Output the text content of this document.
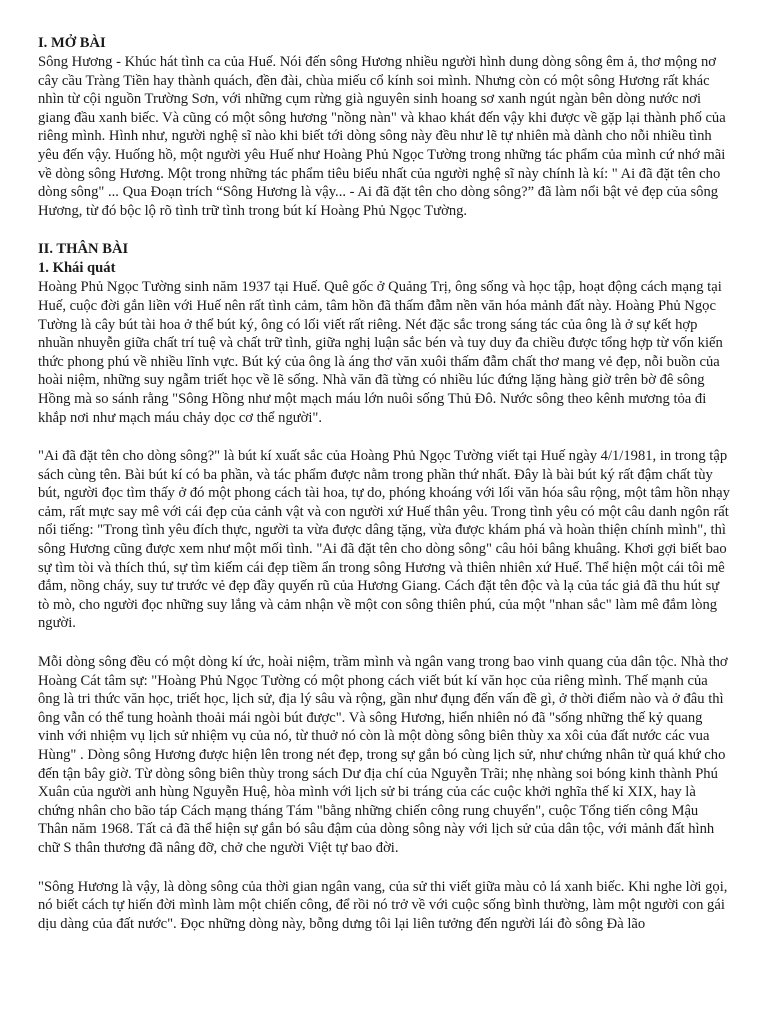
I. MỞ BÀI

Sông Hương - Khúc hát tình ca của Huế. Nói đến sông Hương nhiều người hình dung dòng sông êm ả, thơ mộng nơ cây cầu Tràng Tiền hay thành quách, đền đài, chùa miếu cổ kính soi mình. Nhưng còn có một sông Hương rất khác nhìn từ cội nguồn Trường Sơn, với những cụm rừng già nguyên sinh hoang sơ xanh ngút ngàn bên dòng nước nơi giang đầu xanh biếc. Và cũng có một sông hương "nồng nàn" và khao khát đến vậy khi được về gặp lại thành phố của riêng mình. Hình như, người nghệ sĩ nào khi biết tới dòng sông này đều như lẽ tự nhiên mà dành cho nỗi nhiều tình yêu đến vậy. Huống hồ, một người yêu Huế như Hoàng Phủ Ngọc Tường trong những tác phẩm của mình cứ nhớ mãi về dòng sông Hương. Một trong những tác phẩm tiêu biểu nhất của người nghệ sĩ này chính là kí: " Ai đã đặt tên cho dòng sông" ... Qua Đoạn trích “Sông Hương là vậy... - Ai đã đặt tên cho dòng sông?” đã làm nổi bật vẻ đẹp của sông Hương, từ đó bộc lộ rõ tình trữ tình trong bút kí Hoàng Phủ Ngọc Tường.

II. THÂN BÀI
1. Khái quát

Hoàng Phủ Ngọc Tường sinh năm 1937 tại Huế. Quê gốc ở Quảng Trị, ông sống và học tập, hoạt động cách mạng tại Huế, cuộc đời gắn liền với Huế nên rất tình cảm, tâm hồn đã thấm đẫm nền văn hóa mảnh đất này. Hoàng Phủ Ngọc Tường là cây bút tài hoa ở thể bút ký, ông có lối viết rất riêng. Nét đặc sắc trong sáng tác của ông là ở sự kết hợp nhuần nhuyễn giữa chất trí tuệ và chất trữ tình, giữa nghị luận sắc bén và tuy duy đa chiều được tổng hợp từ vốn kiến thức phong phú về nhiều lĩnh vực. Bút ký của ông là áng thơ văn xuôi thấm đẫm chất thơ mang vẻ đẹp, nỗi buồn của hoài niệm, những suy ngẫm triết học về lẽ sống. Nhà văn đã từng có nhiều lúc đứng lặng hàng giờ trên bờ đê sông Hồng mà so sánh rằng "Sông Hồng như một mạch máu lớn nuôi sống Thủ Đô. Nước sông theo kênh mương tỏa đi khắp nơi như mạch máu chảy dọc cơ thể người".

"Ai đã đặt tên cho dòng sông?" là bút kí xuất sắc của Hoàng Phủ Ngọc Tường viết tại Huế ngày 4/1/1981, in trong tập sách cùng tên. Bài bút kí có ba phần, và tác phẩm được nằm trong phần thứ nhất. Đây là bài bút ký rất đậm chất tùy bút, người đọc tìm thấy ở đó một phong cách tài hoa, tự do, phóng khoáng với lối văn hóa sâu rộng, một tâm hồn nhạy cảm, rất mực say mê với cái đẹp của cảnh vật và con người xứ Huế thân yêu. Trong tình yêu có một câu danh ngôn rất nổi tiếng: "Trong tình yêu đích thực, người ta vừa được dâng tặng, vừa được khám phá và hoàn thiện chính mình", thì sông Hương cũng được xem như một mối tình. "Ai đã đặt tên cho dòng sông" câu hỏi bâng khuâng. Khơi gợi biết bao sự tìm tòi và thích thú, sự tìm kiếm cái đẹp tiềm ẩn trong sông Hương và thiên nhiên xứ Huế. Thể hiện một cái tôi mê đắm, nồng cháy, suy tư trước vẻ đẹp đầy quyến rũ của Hương Giang. Cách đặt tên độc và lạ của tác giả đã thu hút sự tò mò, cho người đọc những suy lắng và cảm nhận về một con sông thiên phú, của một "nhan sắc" làm mê đắm lòng người.

Mỗi dòng sông đều có một dòng kí ức, hoài niệm, trầm mình và ngân vang trong bao vinh quang của dân tộc. Nhà thơ Hoàng Cát tâm sự: "Hoàng Phủ Ngọc Tường có một phong cách viết bút kí văn học của riêng mình. Thế mạnh của ông là tri thức văn học, triết học, lịch sử, địa lý sâu và rộng, gần như đụng đến vấn đề gì, ở thời điểm nào và ở đâu thì ông vẫn có thể tung hoành thoải mái ngòi bút được". Và sông Hương, hiển nhiên nó đã "sống những thế kỷ quang vinh với nhiệm vụ lịch sử nhiệm vụ của nó, từ thuở nó còn là một dòng sông biên thùy xa xôi của đất nước các vua Hùng" . Dòng sông Hương được hiện lên trong nét đẹp, trong sự gắn bó cùng lịch sử, như chứng nhân từ quá khứ cho đến tận bây giờ. Từ dòng sông biên thùy trong sách Dư địa chí của Nguyễn Trãi; nhẹ nhàng soi bóng kinh thành Phú Xuân của người anh hùng Nguyễn Huệ, hòa mình với lịch sử bi tráng của các cuộc khởi nghĩa thế kỉ XIX, hay là chứng nhân cho bão táp Cách mạng tháng Tám "bằng những chiến công rung chuyển", cuộc Tổng tiến công Mậu Thân năm 1968. Tất cả đã thể hiện sự gắn bó sâu đậm của dòng sông này với lịch sử của dân tộc, với mảnh đất hình chữ S thân thương đã nâng đỡ, chở che người Việt tự bao đời.

"Sông Hương là vậy, là dòng sông của thời gian ngân vang, của sử thi viết giữa màu cỏ lá xanh biếc. Khi nghe lời gọi, nó biết cách tự hiến đời mình làm một chiến công, để rồi nó trở về với cuộc sống bình thường, làm một người con gái dịu dàng của đất nước". Đọc những dòng này, bỗng dưng tôi lại liên tưởng đến người lái đò sông Đà lão
